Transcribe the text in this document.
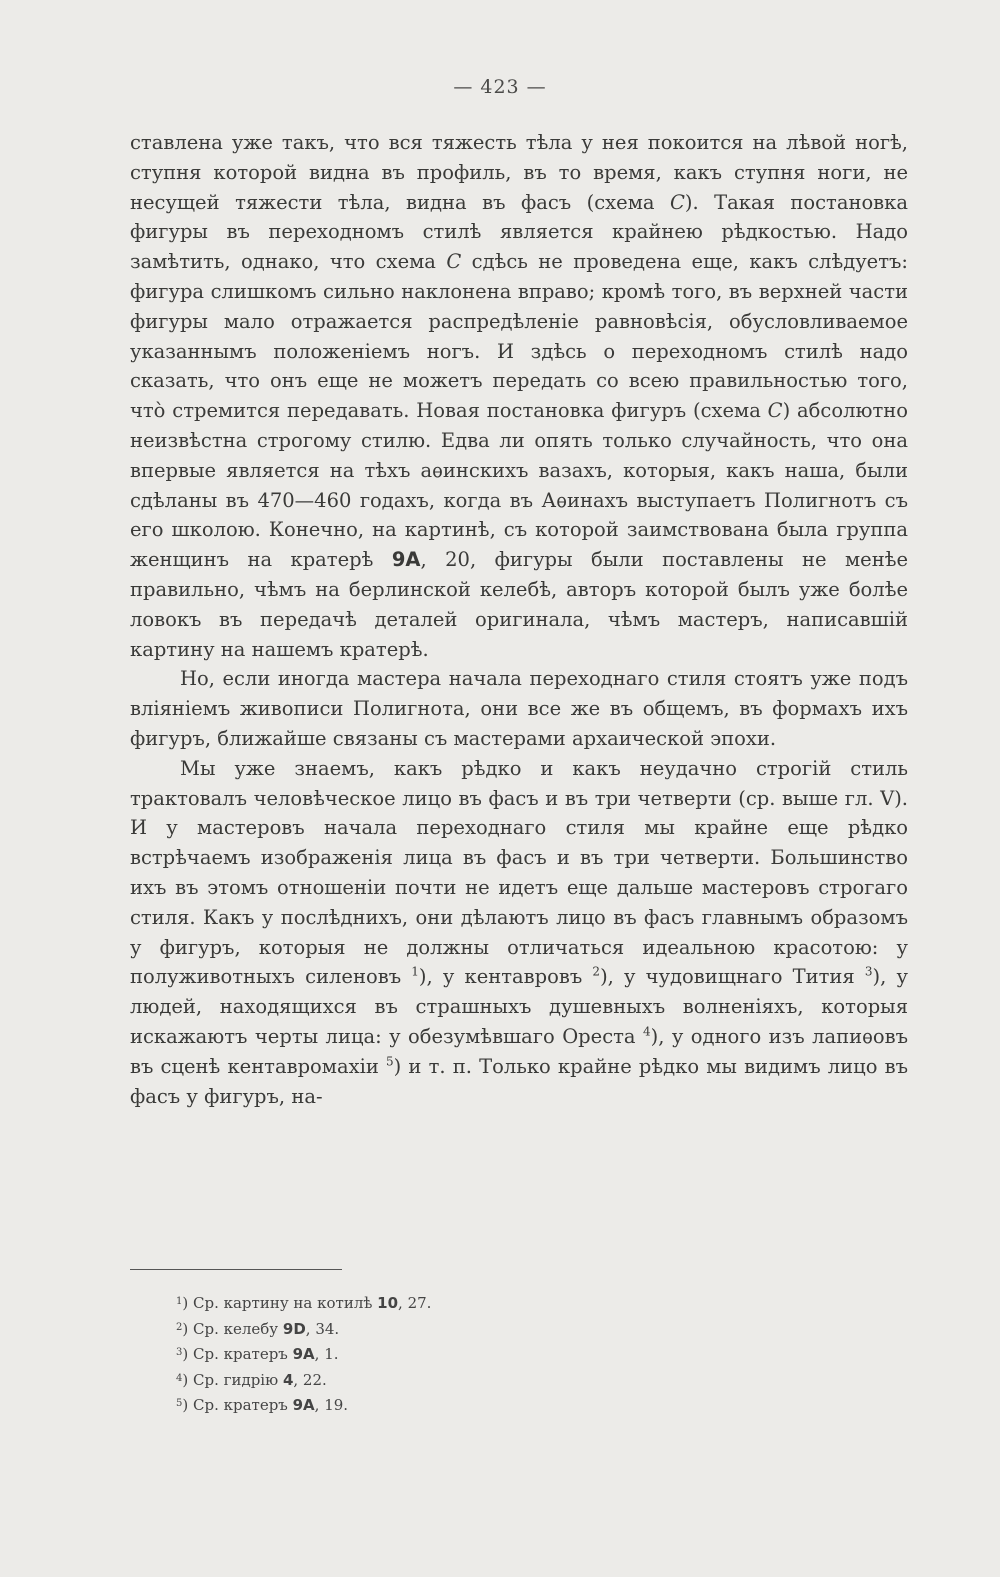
— 423 —

ставлена уже такъ, что вся тяжесть тѣла у нея покоится на лѣвой ногѣ, ступня которой видна въ профиль, въ то время, какъ ступня ноги, не несущей тяжести тѣла, видна въ фасъ (схема С). Такая постановка фигуры въ переходномъ стилѣ является крайнею рѣдкостью. Надо замѣтить, однако, что схема С сдѣсь не проведена еще, какъ слѣдуетъ: фигура слишкомъ сильно наклонена вправо; кромѣ того, въ верхней части фигуры мало отражается распредѣленіе равновѣсія, обусловливаемое указаннымъ положеніемъ ногъ. И здѣсь о переходномъ стилѣ надо сказать, что онъ еще не можетъ передать со всею правильностью того, что̀ стремится передавать. Новая постановка фигуръ (схема С) абсолютно неизвѣстна строгому стилю. Едва ли опять только случайность, что она впервые является на тѣхъ аѳинскихъ вазахъ, которыя, какъ наша, были сдѣланы въ 470—460 годахъ, когда въ Аѳинахъ выступаетъ Полигнотъ съ его школою. Конечно, на картинѣ, съ которой заимствована была группа женщинъ на кратерѣ 9А, 20, фигуры были поставлены не менѣе правильно, чѣмъ на берлинской келебѣ, авторъ которой былъ уже болѣе ловокъ въ передачѣ деталей оригинала, чѣмъ мастеръ, написавшій картину на нашемъ кратерѣ.

Но, если иногда мастера начала переходнаго стиля стоятъ уже подъ вліяніемъ живописи Полигнота, они все же въ общемъ, въ формахъ ихъ фигуръ, ближайше связаны съ мастерами архаической эпохи.

Мы уже знаемъ, какъ рѣдко и какъ неудачно строгій стиль трактовалъ человѣческое лицо въ фасъ и въ три четверти (ср. выше гл. V). И у мастеровъ начала переходнаго стиля мы крайне еще рѣдко встрѣчаемъ изображенія лица въ фасъ и въ три четверти. Большинство ихъ въ этомъ отношеніи почти не идетъ еще дальше мастеровъ строгаго стиля. Какъ у послѣднихъ, они дѣлаютъ лицо въ фасъ главнымъ образомъ у фигуръ, которыя не должны отличаться идеальною красотою: у полуживотныхъ силеновъ $^1$), у кентавровъ $^2$), у чудовищнаго Тития $^3$), у людей, находящихся въ страшныхъ душевныхъ волненіяхъ, которыя искажаютъ черты лица: у обезумѣвшаго Ореста $^4$), у одного изъ лапиѳовъ въ сценѣ кентавромахіи $^5$) и т. п. Только крайне рѣдко мы видимъ лицо въ фасъ у фигуръ, на-

$^1$) Ср. картину на котилѣ 10, 27.
$^2$) Ср. келебу 9D, 34.
$^3$) Ср. кратеръ 9А, 1.
$^4$) Ср. гидрію 4, 22.
$^5$) Ср. кратеръ 9А, 19.
